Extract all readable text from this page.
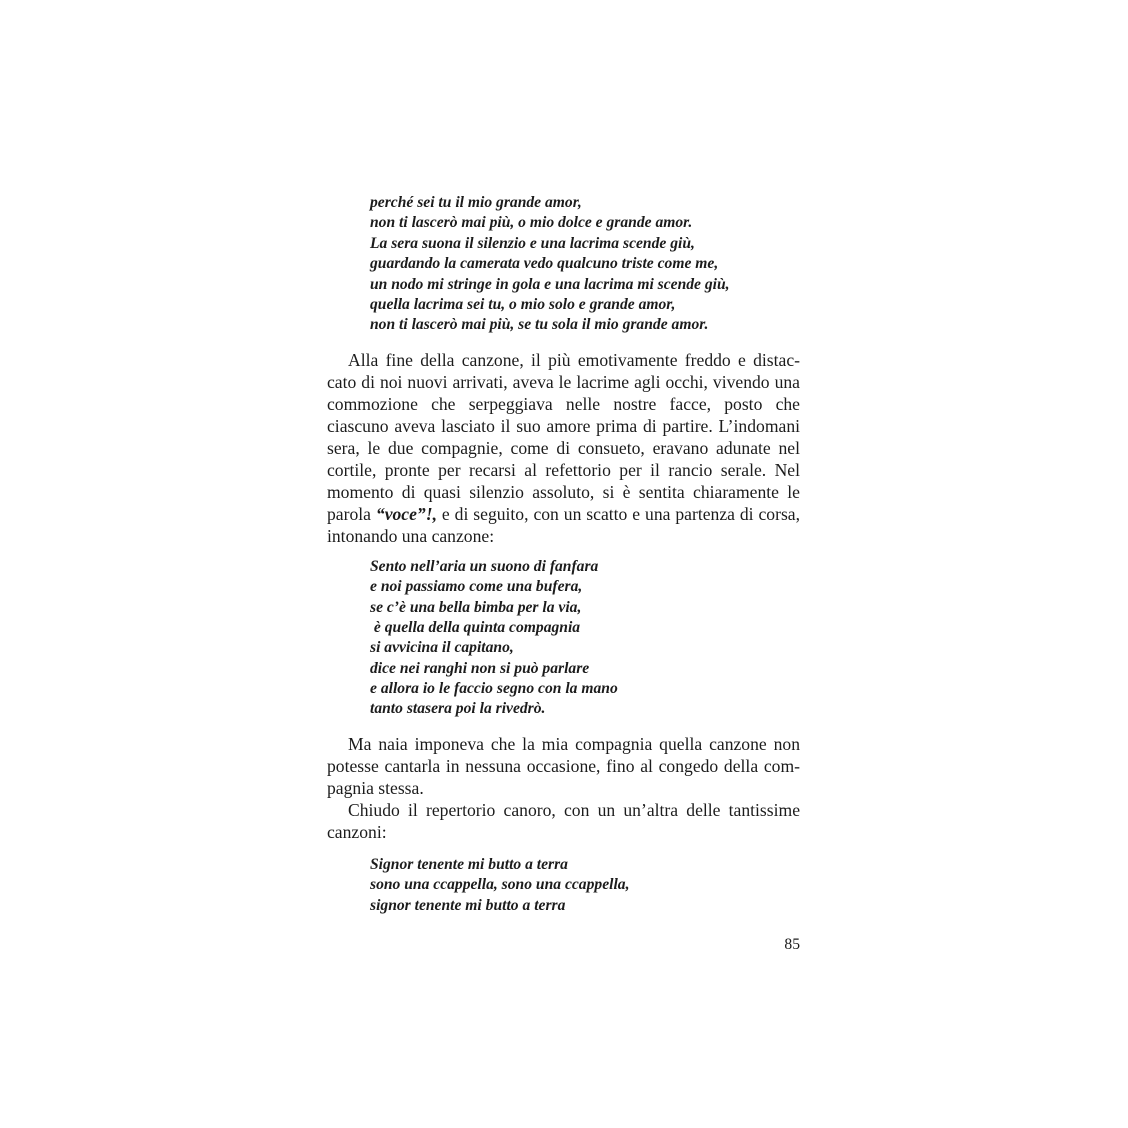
perché sei tu il mio grande amor,
non ti lascerò mai più, o mio dolce e grande amor.
La sera suona il silenzio e una lacrima scende giù,
guardando la camerata vedo qualcuno triste come me,
un nodo mi stringe in gola e una lacrima mi scende giù,
quella lacrima sei tu, o mio solo e grande amor,
non ti lascerò mai più, se tu sola il mio grande amor.

Alla fine della canzone, il più emotivamente freddo e distac-cato di noi nuovi arrivati, aveva le lacrime agli occhi, vivendo una commozione che serpeggiava nelle nostre facce, posto che ciascuno aveva lasciato il suo amore prima di partire. L’indomani sera, le due compagnie, come di consueto, eravano adunate nel cortile, pronte per recarsi al refettorio per il rancio serale. Nel momento di quasi silenzio assoluto, si è sentita chiaramente le parola “voce”!, e di seguito, con un scatto e una partenza di corsa, intonando una canzone:

Sento nell’aria un suono di fanfara
e noi passiamo come una bufera,
se c’è una bella bimba per la via,
è quella della quinta compagnia
si avvicina il capitano,
dice nei ranghi non si può parlare
e allora io le faccio segno con la mano
tanto stasera poi la rivedrò.

Ma naia imponeva che la mia compagnia quella canzone non potesse cantarla in nessuna occasione, fino al congedo della com-pagnia stessa.

Chiudo il repertorio canoro, con un un’altra delle tantissime canzoni:

Signor tenente mi butto a terra
sono una ccappella, sono una ccappella,
signor tenente mi butto a terra
85
